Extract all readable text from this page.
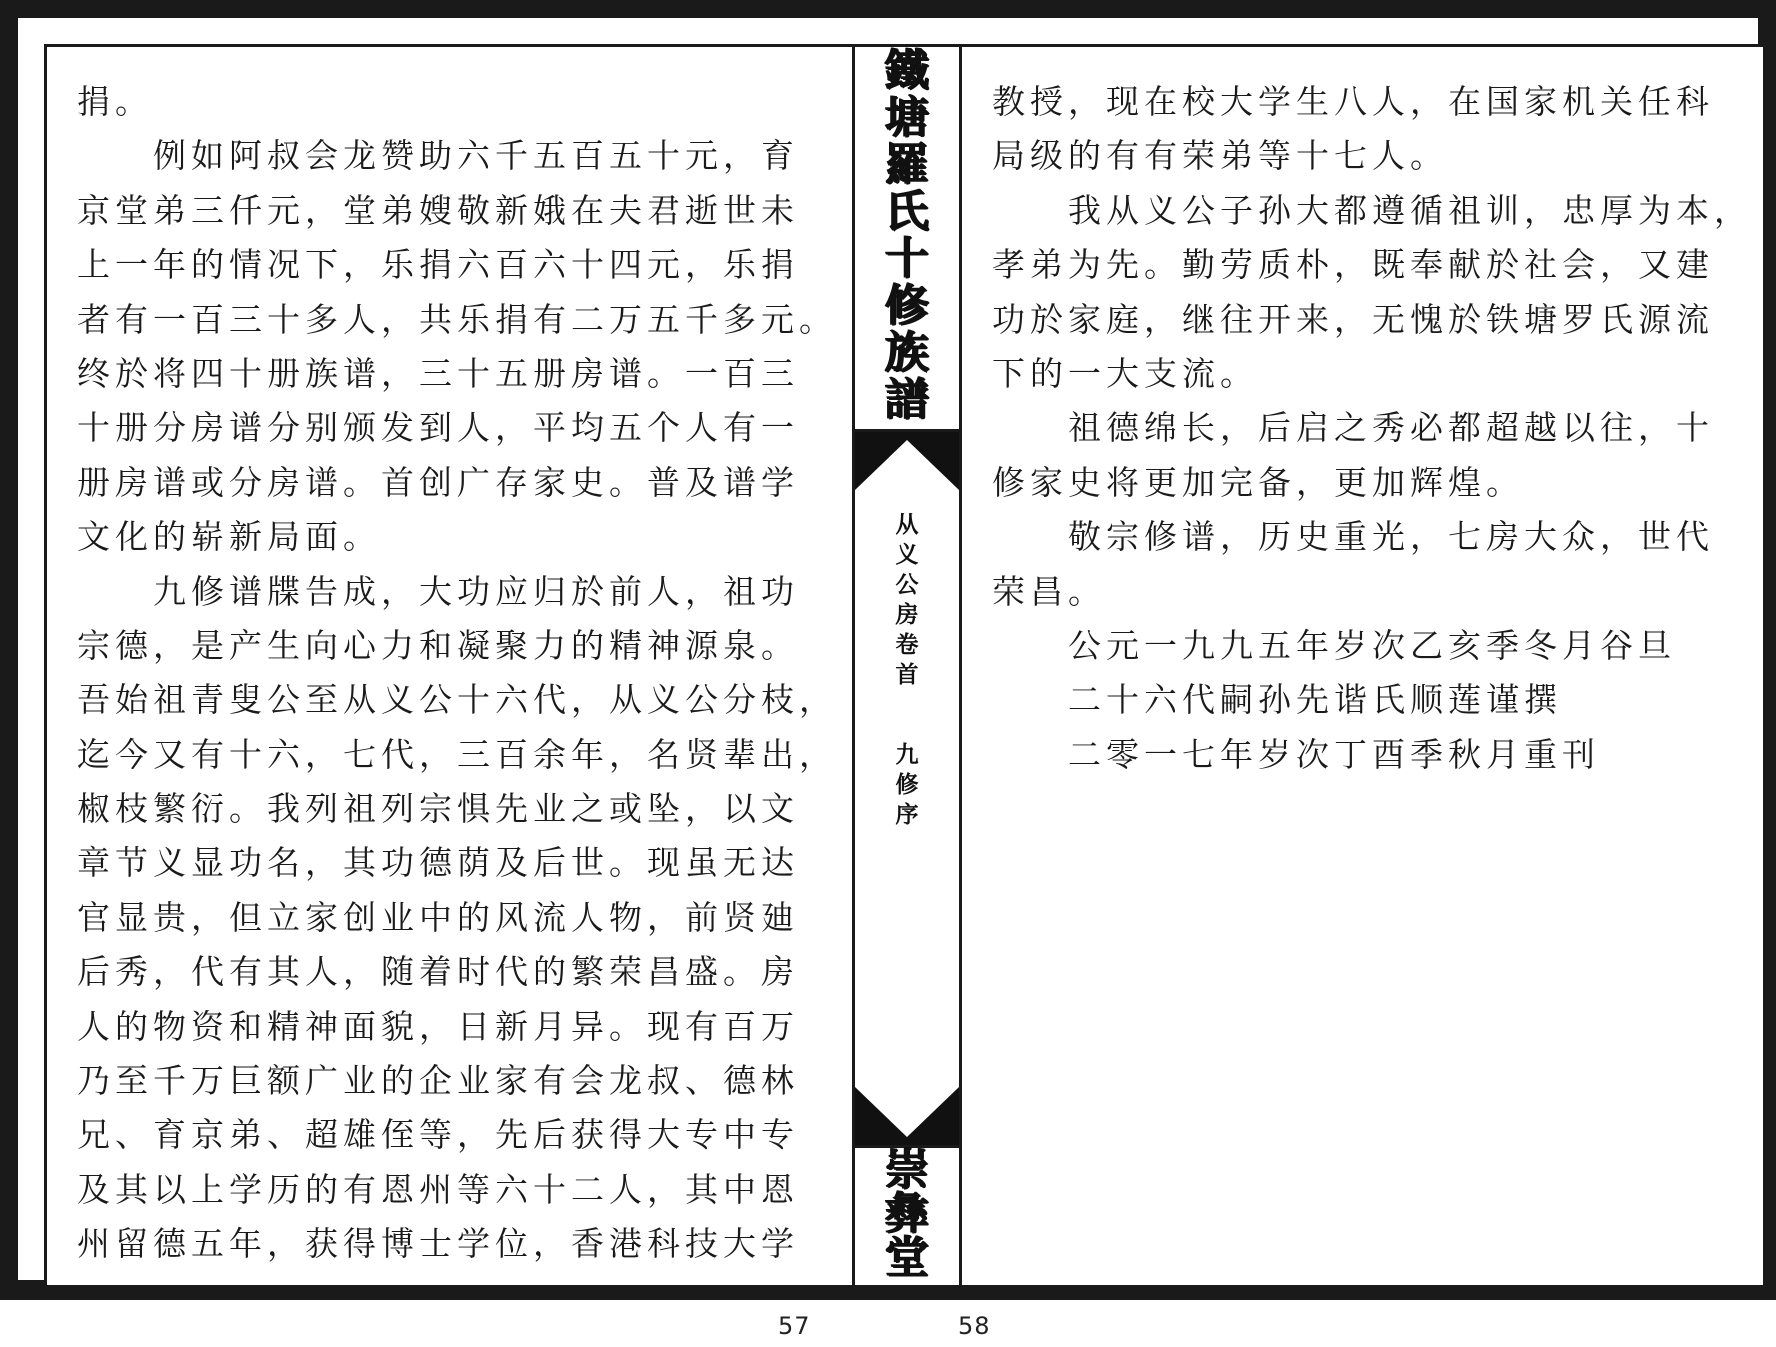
捐。
　　例如阿叔会龙赞助六千五百五十元，育
京堂弟三仟元，堂弟嫂敬新娥在夫君逝世未
上一年的情况下，乐捐六百六十四元，乐捐
者有一百三十多人，共乐捐有二万五千多元。
终於将四十册族谱，三十五册房谱。一百三
十册分房谱分别颁发到人，平均五个人有一
册房谱或分房谱。首创广存家史。普及谱学
文化的崭新局面。
　　九修谱牒告成，大功应归於前人，祖功
宗德，是产生向心力和凝聚力的精神源泉。
吾始祖青叟公至从义公十六代，从义公分枝，
迄今又有十六，七代，三百余年，名贤辈出，
椒枝繁衍。我列祖列宗惧先业之或坠，以文
章节义显功名，其功德荫及后世。现虽无达
官显贵，但立家创业中的风流人物，前贤廸
后秀，代有其人，随着时代的繁荣昌盛。房
人的物资和精神面貌，日新月异。现有百万
乃至千万巨额广业的企业家有会龙叔、德林
兄、育京弟、超雄侄等，先后获得大专中专
及其以上学历的有恩州等六十二人，其中恩
州留德五年，获得博士学位，香港科技大学
鐵
塘
羅
氏
十
修
族
譜
从
义
公
房
卷
首
九
修
序
崇
彝
堂
教授，现在校大学生八人，在国家机关任科
局级的有有荣弟等十七人。
　　我从义公子孙大都遵循祖训，忠厚为本，
孝弟为先。勤劳质朴，既奉献於社会，又建
功於家庭，继往开来，无愧於铁塘罗氏源流
下的一大支流。
　　祖德绵长，后启之秀必都超越以往，十
修家史将更加完备，更加辉煌。
　　敬宗修谱，历史重光，七房大众，世代
荣昌。
　　公元一九九五年岁次乙亥季冬月谷旦
　　二十六代嗣孙先谐氏顺莲谨撰
　　二零一七年岁次丁酉季秋月重刊
57	58
